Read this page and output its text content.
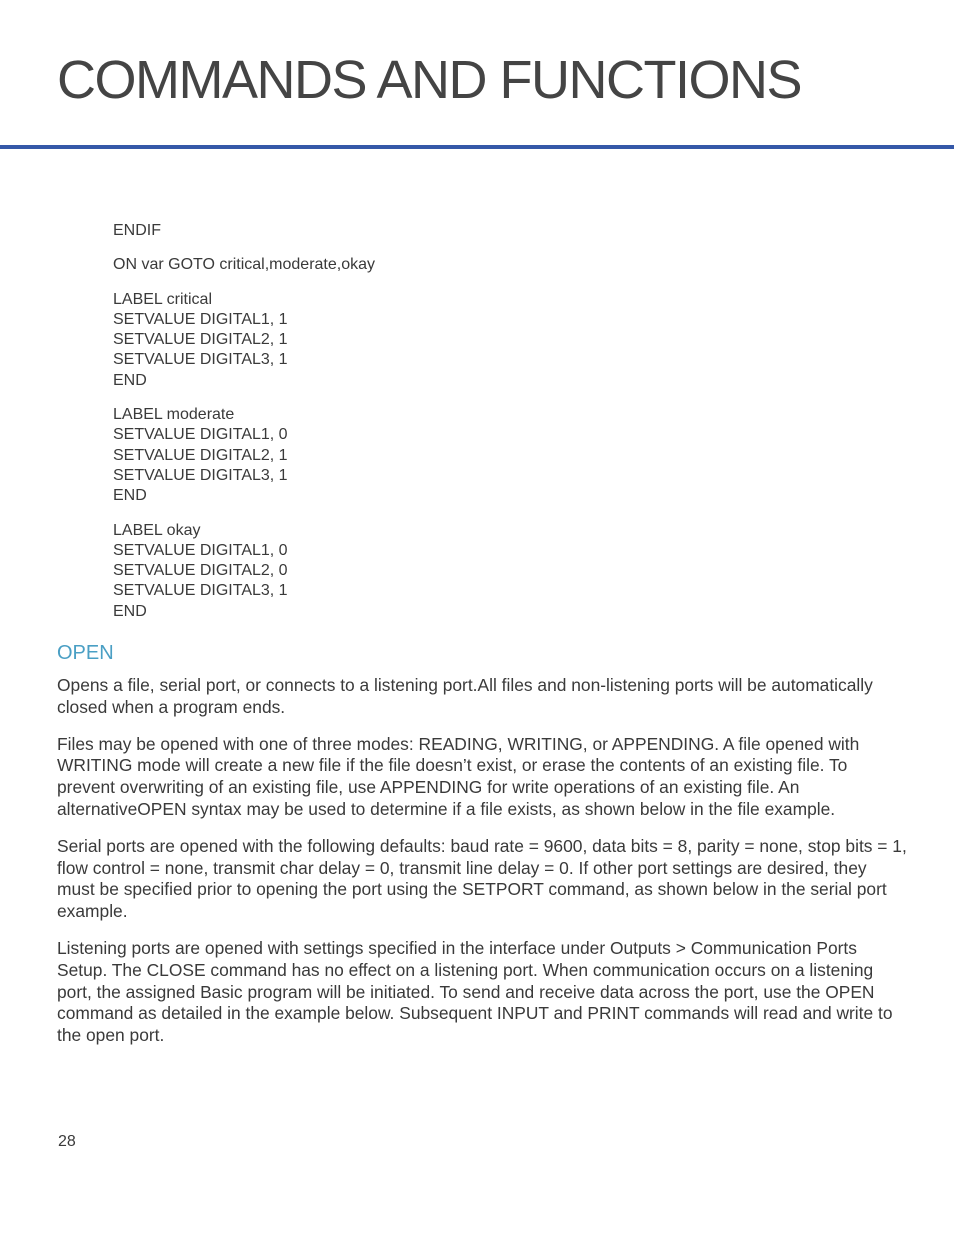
COMMANDS AND FUNCTIONS
ENDIF
ON var GOTO critical,moderate,okay
LABEL critical
SETVALUE DIGITAL1, 1
SETVALUE DIGITAL2, 1
SETVALUE DIGITAL3, 1
END
LABEL moderate
SETVALUE DIGITAL1, 0
SETVALUE DIGITAL2, 1
SETVALUE DIGITAL3, 1
END
LABEL okay
SETVALUE DIGITAL1, 0
SETVALUE DIGITAL2, 0
SETVALUE DIGITAL3, 1
END
OPEN

Opens a file, serial port, or connects to a listening port.All files and non-listening ports will be automatically closed when a program ends.

Files may be opened with one of three modes: READING, WRITING, or APPENDING. A file opened with WRITING mode will create a new file if the file doesn’t exist, or erase the contents of an existing file. To prevent overwriting of an existing file, use APPENDING for write operations of an existing file. An alternativeOPEN syntax may be used to determine if a file exists, as shown below in the file example.

Serial ports are opened with the following defaults: baud rate = 9600, data bits = 8, parity = none, stop bits = 1, flow control = none, transmit char delay = 0, transmit line delay = 0. If other port settings are desired, they must be specified prior to opening the port using the SETPORT command, as shown below in the serial port example.

Listening ports are opened with settings specified in the interface under Outputs > Communication Ports Setup. The CLOSE command has no effect on a listening port. When communication occurs on a listening port, the assigned Basic program will be initiated. To send and receive data across the port, use the OPEN command as detailed in the example below. Subsequent INPUT and PRINT commands will read and write to the open port.

28
